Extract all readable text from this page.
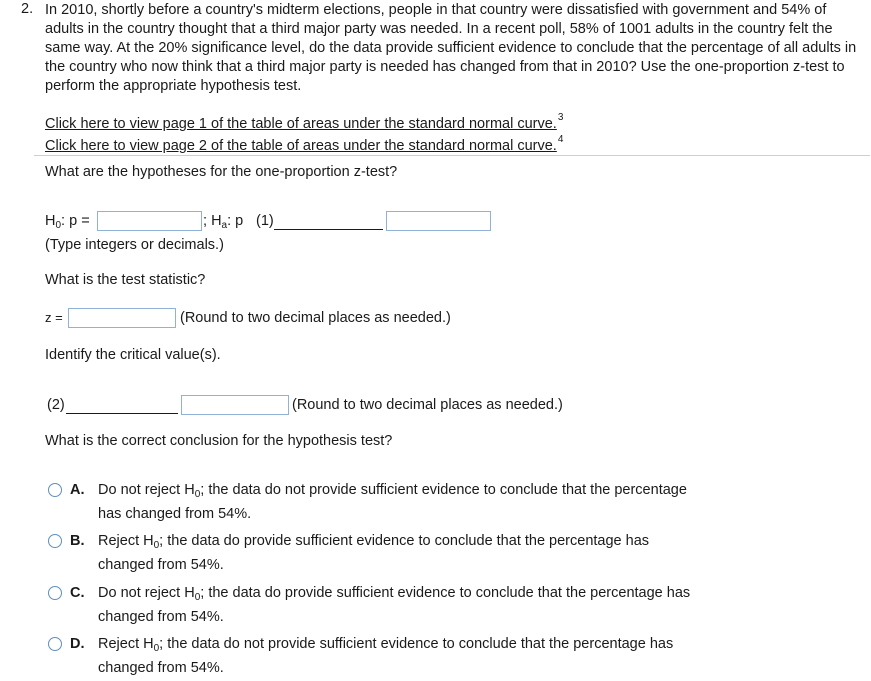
2. In 2010, shortly before a country's midterm elections, people in that country were dissatisfied with government and 54% of adults in the country thought that a third major party was needed. In a recent poll, 58% of 1001 adults in the country felt the same way. At the 20% significance level, do the data provide sufficient evidence to conclude that the percentage of all adults in the country who now think that a third major party is needed has changed from that in 2010? Use the one-proportion z-test to perform the appropriate hypothesis test.
Click here to view page 1 of the table of areas under the standard normal curve.$^3$
Click here to view page 2 of the table of areas under the standard normal curve.$^4$
What are the hypotheses for the one-proportion z-test?
$H_0$: p =	; $H_a$: p (1)
(Type integers or decimals.)
What is the test statistic?
z =	(Round to two decimal places as needed.)
Identify the critical value(s).
(2)	(Round to two decimal places as needed.)
What is the correct conclusion for the hypothesis test?
A. Do not reject $H_0$; the data do not provide sufficient evidence to conclude that the percentage
has changed from 54%.
B. Reject $H_0$; the data do provide sufficient evidence to conclude that the percentage has
changed from 54%.
C. Do not reject $H_0$; the data do provide sufficient evidence to conclude that the percentage has
changed from 54%.
D. Reject $H_0$; the data do not provide sufficient evidence to conclude that the percentage has
changed from 54%.
